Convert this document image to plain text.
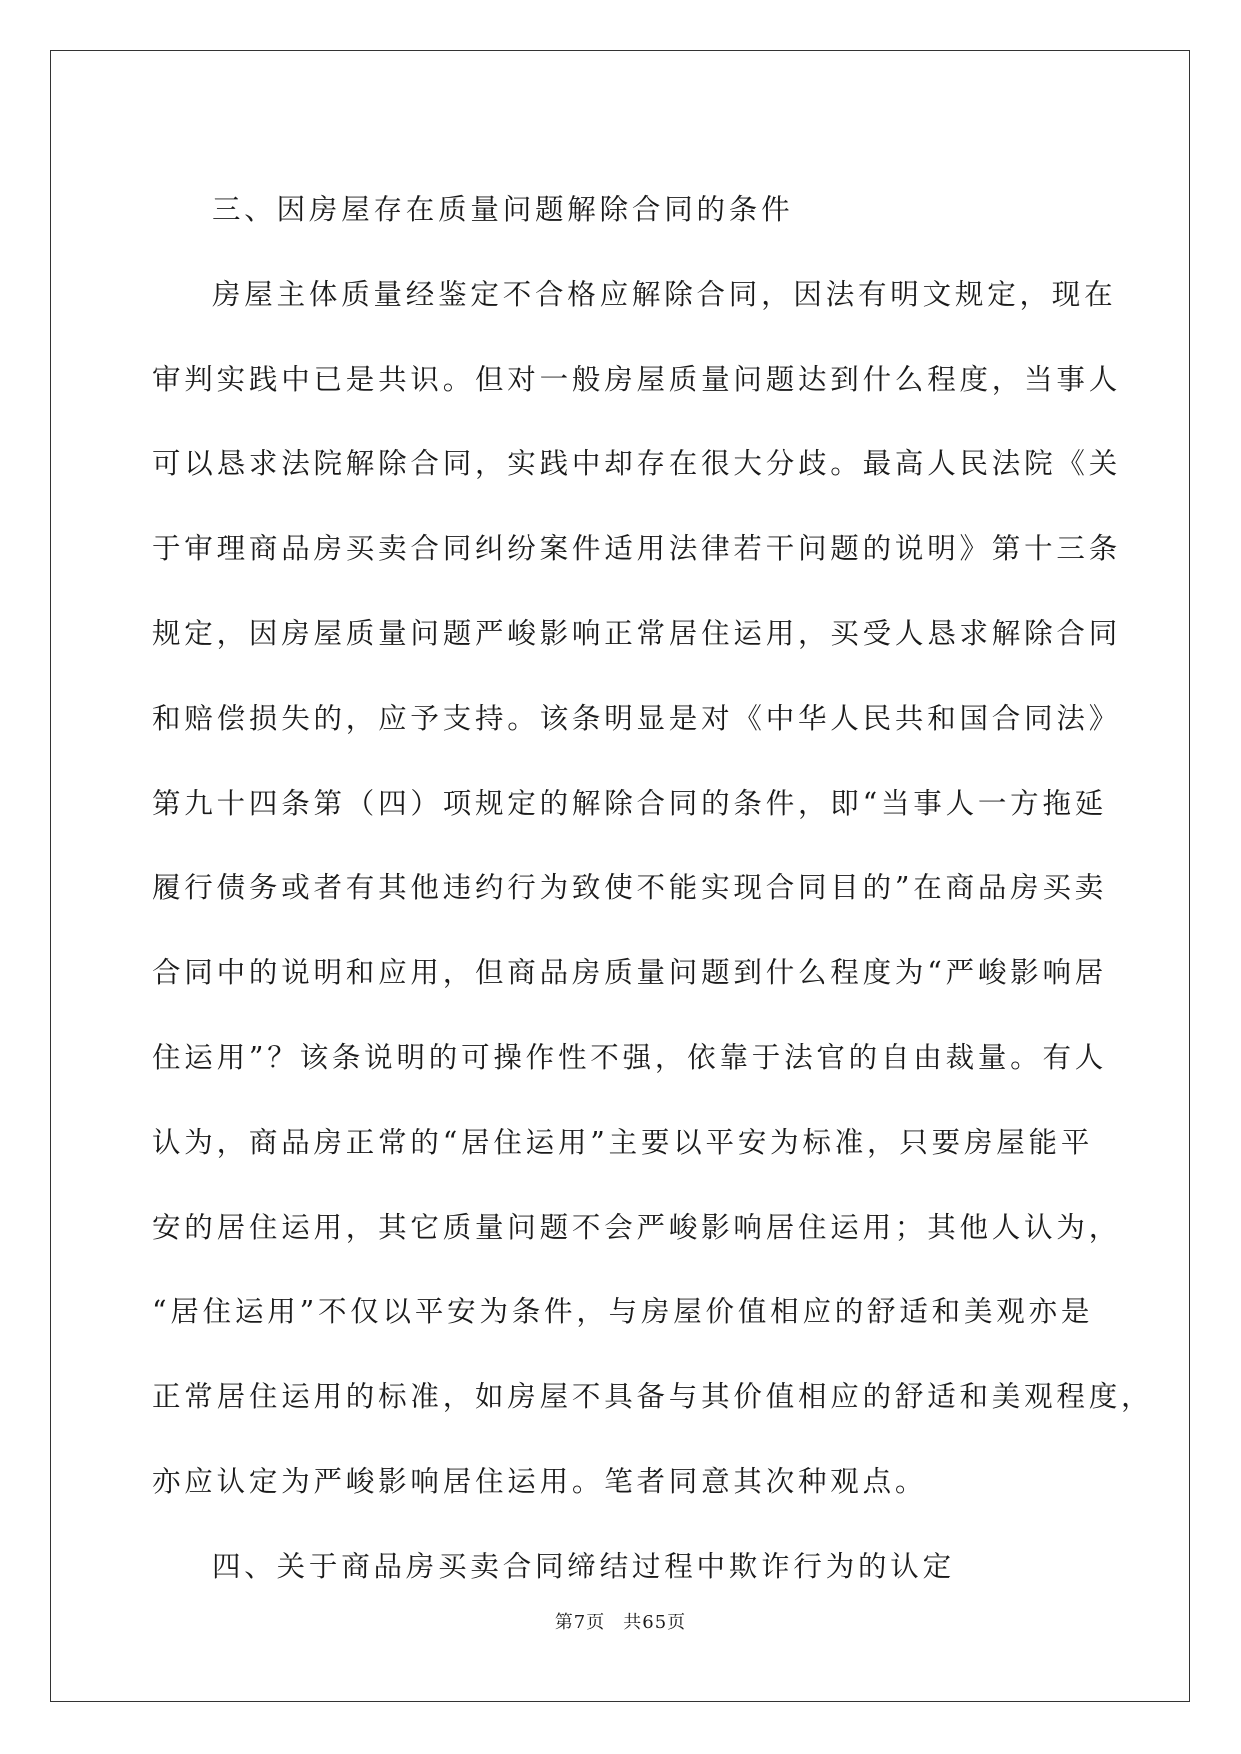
三、因房屋存在质量问题解除合同的条件

房屋主体质量经鉴定不合格应解除合同，因法有明文规定，现在
审判实践中已是共识。但对一般房屋质量问题达到什么程度，当事人
可以恳求法院解除合同，实践中却存在很大分歧。最高人民法院《关
于审理商品房买卖合同纠纷案件适用法律若干问题的说明》第十三条
规定，因房屋质量问题严峻影响正常居住运用，买受人恳求解除合同
和赔偿损失的，应予支持。该条明显是对《中华人民共和国合同法》
第九十四条第（四）项规定的解除合同的条件，即“当事人一方拖延
履行债务或者有其他违约行为致使不能实现合同目的”在商品房买卖
合同中的说明和应用，但商品房质量问题到什么程度为“严峻影响居
住运用”？该条说明的可操作性不强，依靠于法官的自由裁量。有人
认为，商品房正常的“居住运用”主要以平安为标准，只要房屋能平
安的居住运用，其它质量问题不会严峻影响居住运用；其他人认为，
“居住运用”不仅以平安为条件，与房屋价值相应的舒适和美观亦是
正常居住运用的标准，如房屋不具备与其价值相应的舒适和美观程度，
亦应认定为严峻影响居住运用。笔者同意其次种观点。

四、关于商品房买卖合同缔结过程中欺诈行为的认定

第7页 共65页
